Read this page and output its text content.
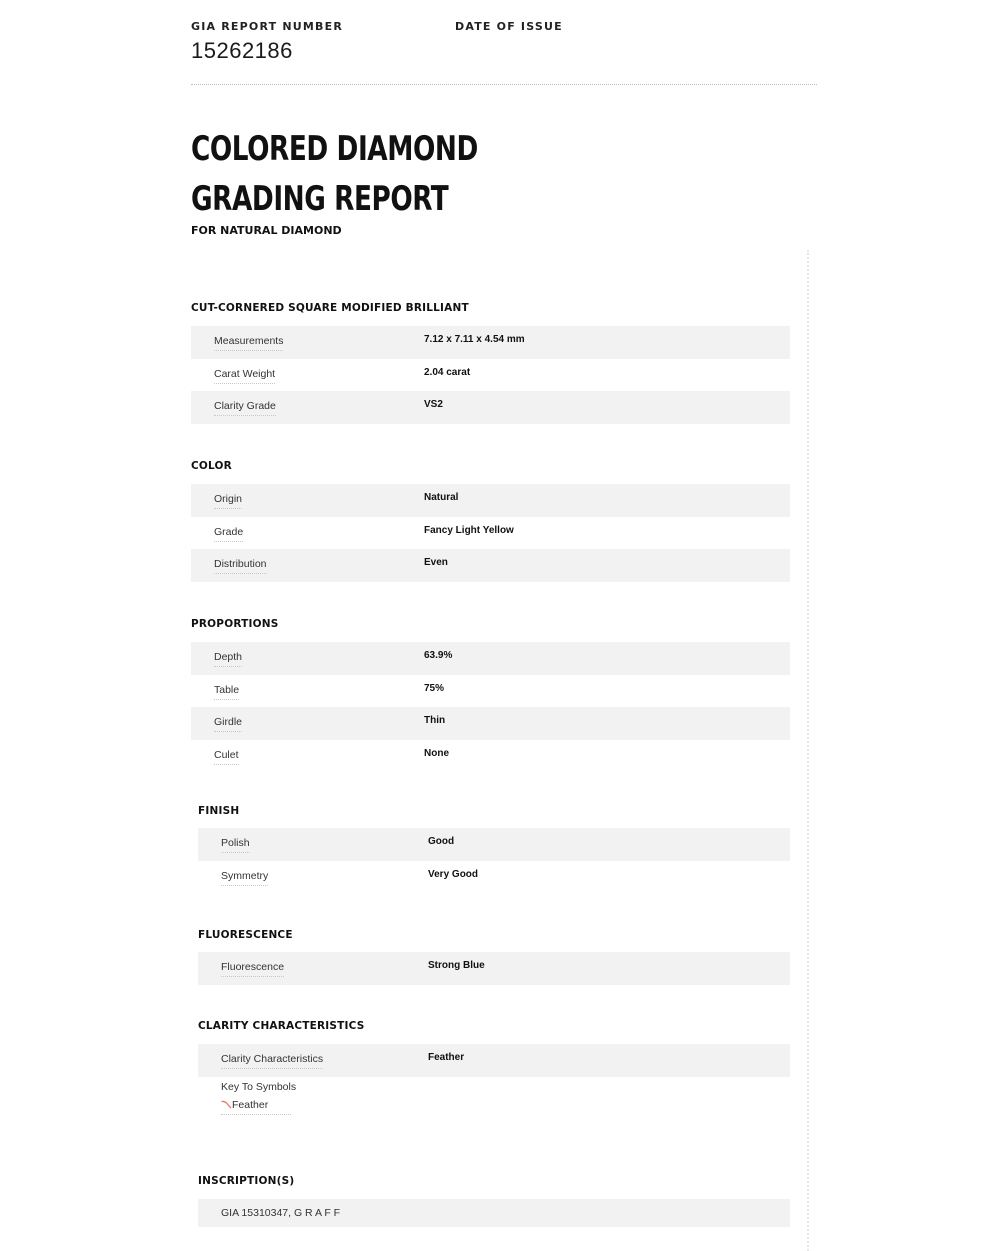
GIA REPORT NUMBER
15262186
DATE OF ISSUE
COLORED DIAMOND GRADING REPORT
FOR NATURAL DIAMOND
CUT-CORNERED SQUARE MODIFIED BRILLIANT
Measurements	7.12 x 7.11 x 4.54 mm
Carat Weight	2.04 carat
Clarity Grade	VS2
COLOR
Origin	Natural
Grade	Fancy Light Yellow
Distribution	Even
PROPORTIONS
Depth	63.9%
Table	75%
Girdle	Thin
Culet	None
FINISH
Polish	Good
Symmetry	Very Good
FLUORESCENCE
Fluorescence	Strong Blue
CLARITY CHARACTERISTICS
Clarity Characteristics	Feather
Key To Symbols
Feather
INSCRIPTION(S)
GIA 15310347, G R A F F
